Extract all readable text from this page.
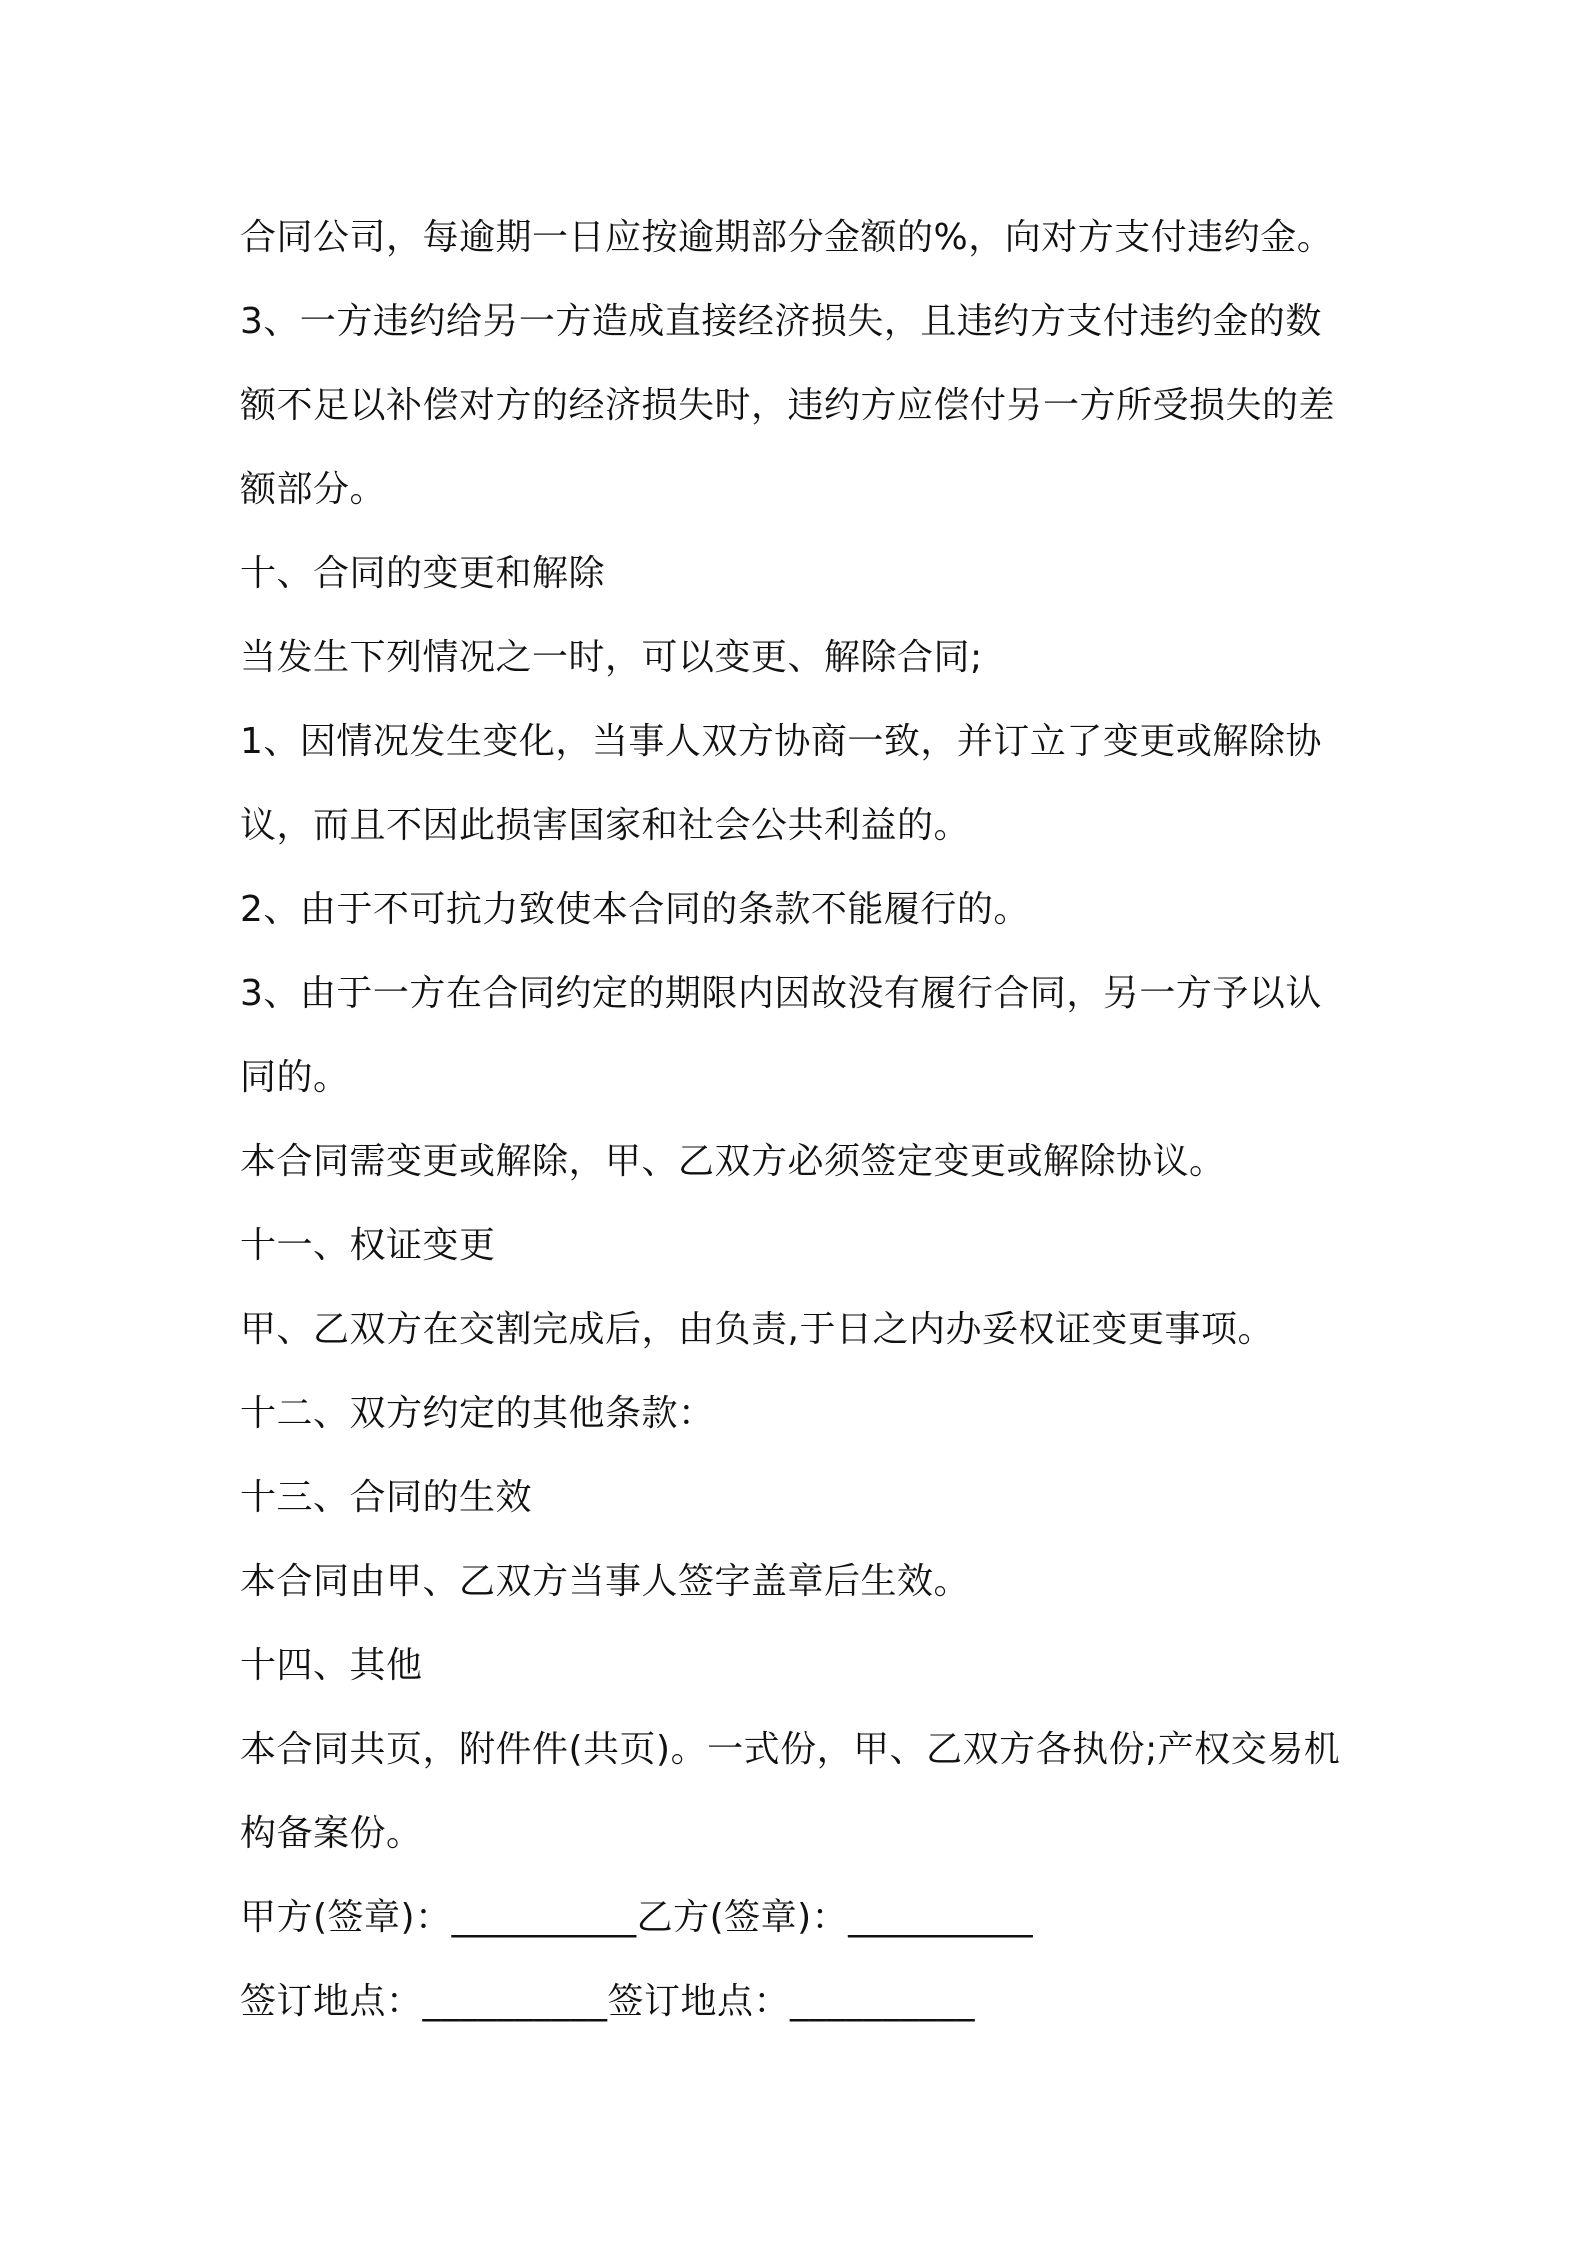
合同公司，每逾期一日应按逾期部分金额的%，向对方支付违约金。
3、一方违约给另一方造成直接经济损失，且违约方支付违约金的数
额不足以补偿对方的经济损失时，违约方应偿付另一方所受损失的差
额部分。
十、合同的变更和解除
当发生下列情况之一时，可以变更、解除合同;
1、因情况发生变化，当事人双方协商一致，并订立了变更或解除协
议，而且不因此损害国家和社会公共利益的。
2、由于不可抗力致使本合同的条款不能履行的。
3、由于一方在合同约定的期限内因故没有履行合同，另一方予以认
同的。
本合同需变更或解除，甲、乙双方必须签定变更或解除协议。
十一、权证变更
甲、乙双方在交割完成后，由负责,于日之内办妥权证变更事项。
十二、双方约定的其他条款：
十三、合同的生效
本合同由甲、乙双方当事人签字盖章后生效。
十四、其他
本合同共页，附件件(共页)。一式份，甲、乙双方各执份;产权交易机
构备案份。
甲方(签章)：__________乙方(签章)：__________
签订地点：__________签订地点：__________
